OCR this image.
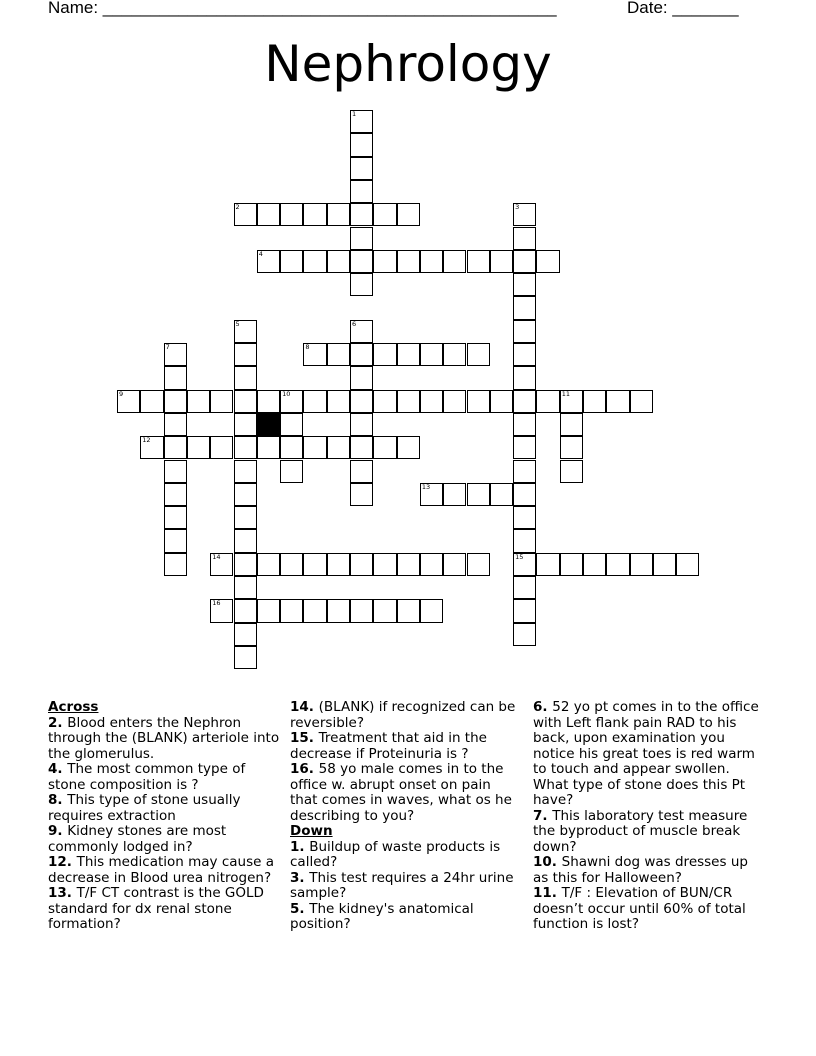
Name: ________________________________________________	Date: _______
Nephrology
1
2	3
15
4
5	6
7	8
9	10	11
12
13
14
16
Across
2. Blood enters the Nephron through the (BLANK) arteriole into the glomerulus.
4. The most common type of stone composition is ?
8. This type of stone usually requires extraction
9. Kidney stones are most commonly lodged in?
12. This medication may cause a decrease in Blood urea nitrogen?
13. T/F CT contrast is the GOLD standard for dx renal stone formation?
14. (BLANK) if recognized can be reversible?
15. Treatment that aid in the decrease if Proteinuria is ?
16. 58 yo male comes in to the office w. abrupt onset on pain that comes in waves, what os he describing to you?
Down
1. Buildup of waste products is called?
3. This test requires a 24hr urine sample?
5. The kidney's anatomical position?
6. 52 yo pt comes in to the office with Left flank pain RAD to his back, upon examination you notice his great toes is red warm to touch and appear swollen. What type of stone does this Pt have?
7. This laboratory test measure the byproduct of muscle break down?
10. Shawni dog was dresses up as this for Halloween?
11. T/F : Elevation of BUN/CR doesn’t occur until 60% of total function is lost?
